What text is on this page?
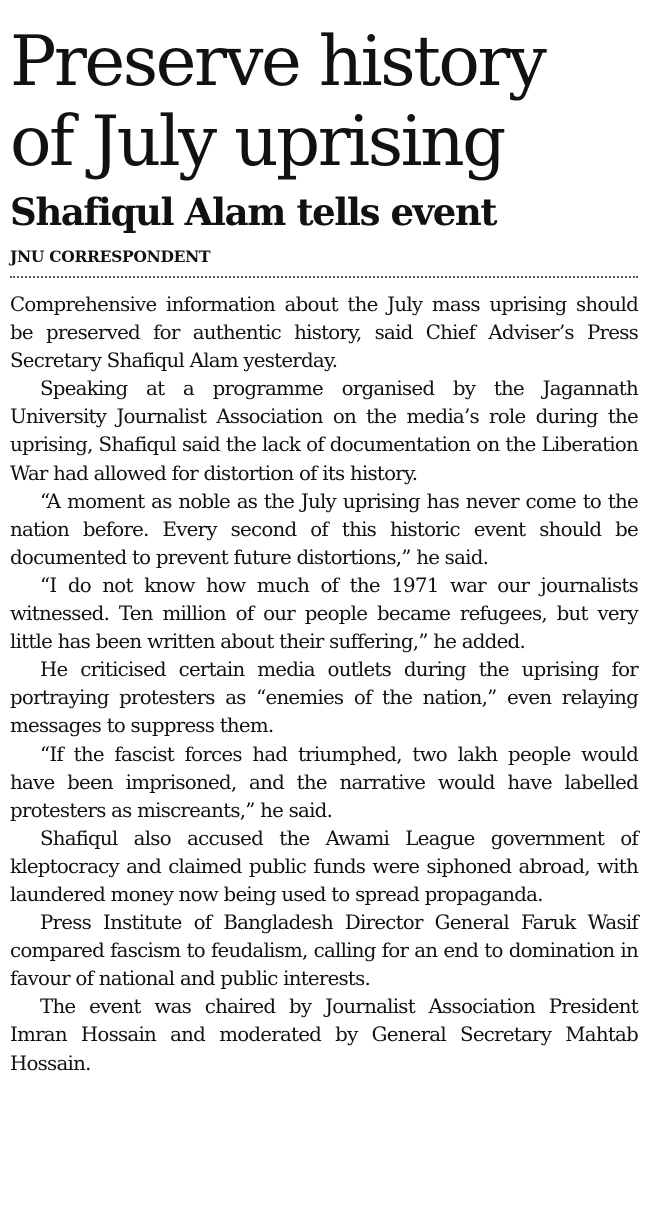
Preserve history
of July uprising
Shafiqul Alam tells event
JNU CORRESPONDENT

Comprehensive information about the July mass uprising should be preserved for authentic history, said Chief Adviser’s Press Secretary Shafiqul Alam yesterday.

Speaking at a programme organised by the Jagannath University Journalist Association on the media’s role during the uprising, Shafiqul said the lack of documentation on the Liberation War had allowed for distortion of its history.

“A moment as noble as the July uprising has never come to the nation before. Every second of this historic event should be documented to prevent future distortions,” he said.

“I do not know how much of the 1971 war our journalists witnessed. Ten million of our people became refugees, but very little has been written about their suffering,” he added.

He criticised certain media outlets during the uprising for portraying protesters as “enemies of the nation,” even relaying messages to suppress them.

“If the fascist forces had triumphed, two lakh people would have been imprisoned, and the narrative would have labelled protesters as miscreants,” he said.

Shafiqul also accused the Awami League government of kleptocracy and claimed public funds were siphoned abroad, with laundered money now being used to spread propaganda.

Press Institute of Bangladesh Director General Faruk Wasif compared fascism to feudalism, calling for an end to domination in favour of national and public interests.

The event was chaired by Journalist Association President Imran Hossain and moderated by General Secretary Mahtab Hossain.
